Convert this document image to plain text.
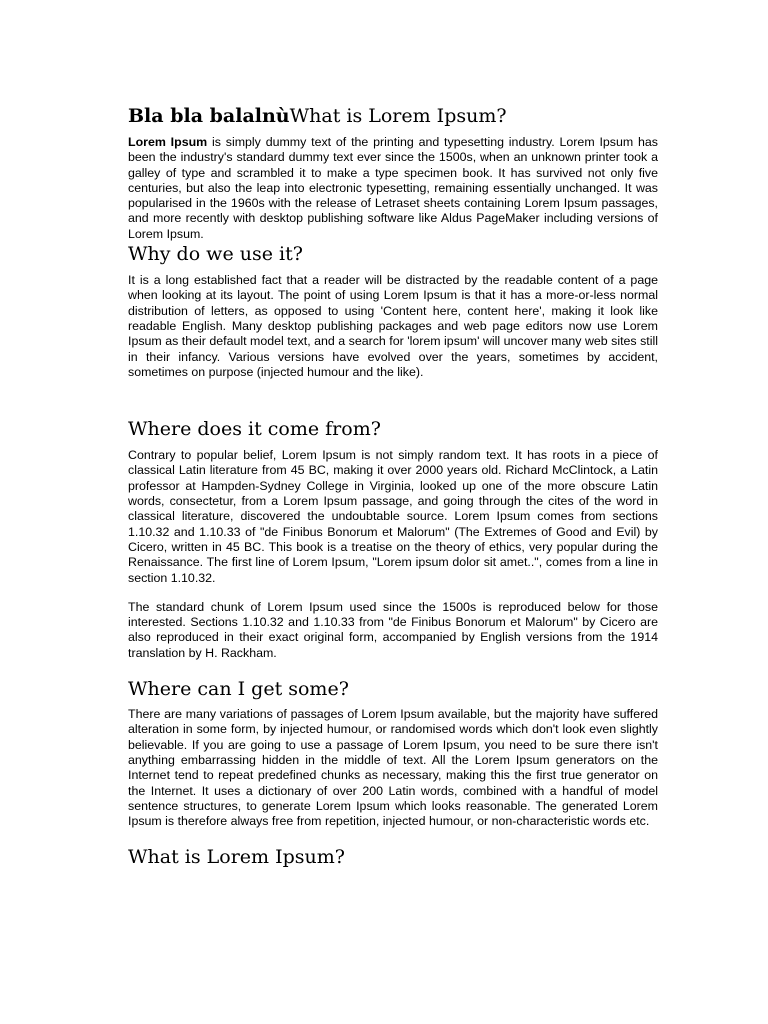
Bla bla balalnùWhat is Lorem Ipsum?

Lorem Ipsum is simply dummy text of the printing and typesetting industry. Lorem Ipsum has been the industry's standard dummy text ever since the 1500s, when an unknown printer took a galley of type and scrambled it to make a type specimen book. It has survived not only five centuries, but also the leap into electronic typesetting, remaining essentially unchanged. It was popularised in the 1960s with the release of Letraset sheets containing Lorem Ipsum passages, and more recently with desktop publishing software like Aldus PageMaker including versions of Lorem Ipsum.

Why do we use it?

It is a long established fact that a reader will be distracted by the readable content of a page when looking at its layout. The point of using Lorem Ipsum is that it has a more-or-less normal distribution of letters, as opposed to using 'Content here, content here', making it look like readable English. Many desktop publishing packages and web page editors now use Lorem Ipsum as their default model text, and a search for 'lorem ipsum' will uncover many web sites still in their infancy. Various versions have evolved over the years, sometimes by accident, sometimes on purpose (injected humour and the like).

Where does it come from?

Contrary to popular belief, Lorem Ipsum is not simply random text. It has roots in a piece of classical Latin literature from 45 BC, making it over 2000 years old. Richard McClintock, a Latin professor at Hampden-Sydney College in Virginia, looked up one of the more obscure Latin words, consectetur, from a Lorem Ipsum passage, and going through the cites of the word in classical literature, discovered the undoubtable source. Lorem Ipsum comes from sections 1.10.32 and 1.10.33 of "de Finibus Bonorum et Malorum" (The Extremes of Good and Evil) by Cicero, written in 45 BC. This book is a treatise on the theory of ethics, very popular during the Renaissance. The first line of Lorem Ipsum, "Lorem ipsum dolor sit amet..", comes from a line in section 1.10.32.

The standard chunk of Lorem Ipsum used since the 1500s is reproduced below for those interested. Sections 1.10.32 and 1.10.33 from "de Finibus Bonorum et Malorum" by Cicero are also reproduced in their exact original form, accompanied by English versions from the 1914 translation by H. Rackham.

Where can I get some?

There are many variations of passages of Lorem Ipsum available, but the majority have suffered alteration in some form, by injected humour, or randomised words which don't look even slightly believable. If you are going to use a passage of Lorem Ipsum, you need to be sure there isn't anything embarrassing hidden in the middle of text. All the Lorem Ipsum generators on the Internet tend to repeat predefined chunks as necessary, making this the first true generator on the Internet. It uses a dictionary of over 200 Latin words, combined with a handful of model sentence structures, to generate Lorem Ipsum which looks reasonable. The generated Lorem Ipsum is therefore always free from repetition, injected humour, or non-characteristic words etc.

What is Lorem Ipsum?
